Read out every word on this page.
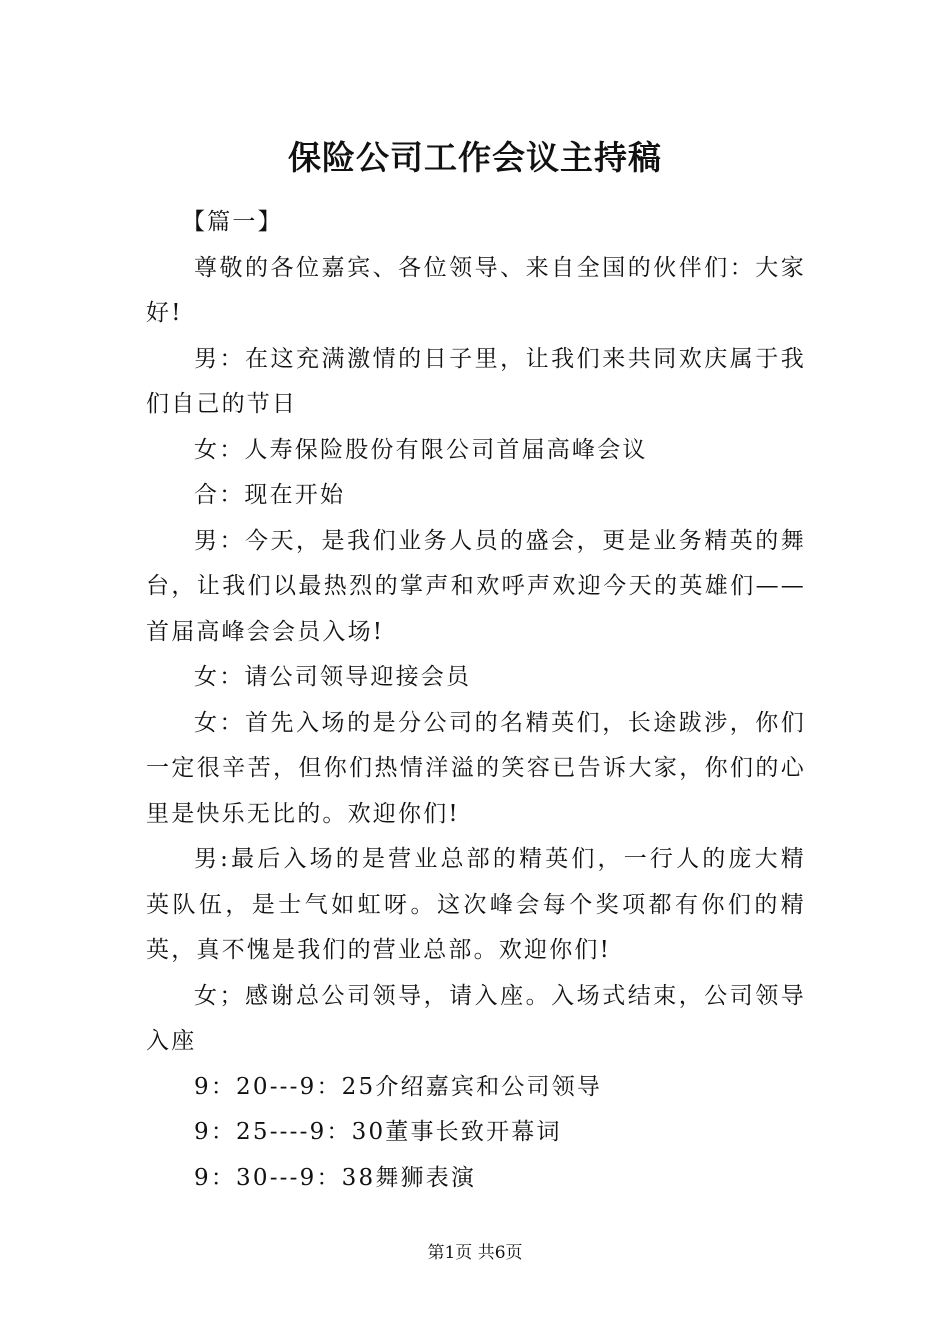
保险公司工作会议主持稿

【篇一】

尊敬的各位嘉宾、各位领导、来自全国的伙伴们：大家好!

男：在这充满激情的日子里，让我们来共同欢庆属于我们自己的节日

女：人寿保险股份有限公司首届高峰会议

合：现在开始

男：今天，是我们业务人员的盛会，更是业务精英的舞台，让我们以最热烈的掌声和欢呼声欢迎今天的英雄们——首届高峰会会员入场!

女：请公司领导迎接会员

女：首先入场的是分公司的名精英们，长途跋涉，你们一定很辛苦，但你们热情洋溢的笑容已告诉大家，你们的心里是快乐无比的。欢迎你们!

男:最后入场的是营业总部的精英们，一行人的庞大精英队伍，是士气如虹呀。这次峰会每个奖项都有你们的精英，真不愧是我们的营业总部。欢迎你们!

女；感谢总公司领导，请入座。入场式结束，公司领导入座

9：20---9：25介绍嘉宾和公司领导

9：25----9：30董事长致开幕词

9：30---9：38舞狮表演

第1页 共6页
